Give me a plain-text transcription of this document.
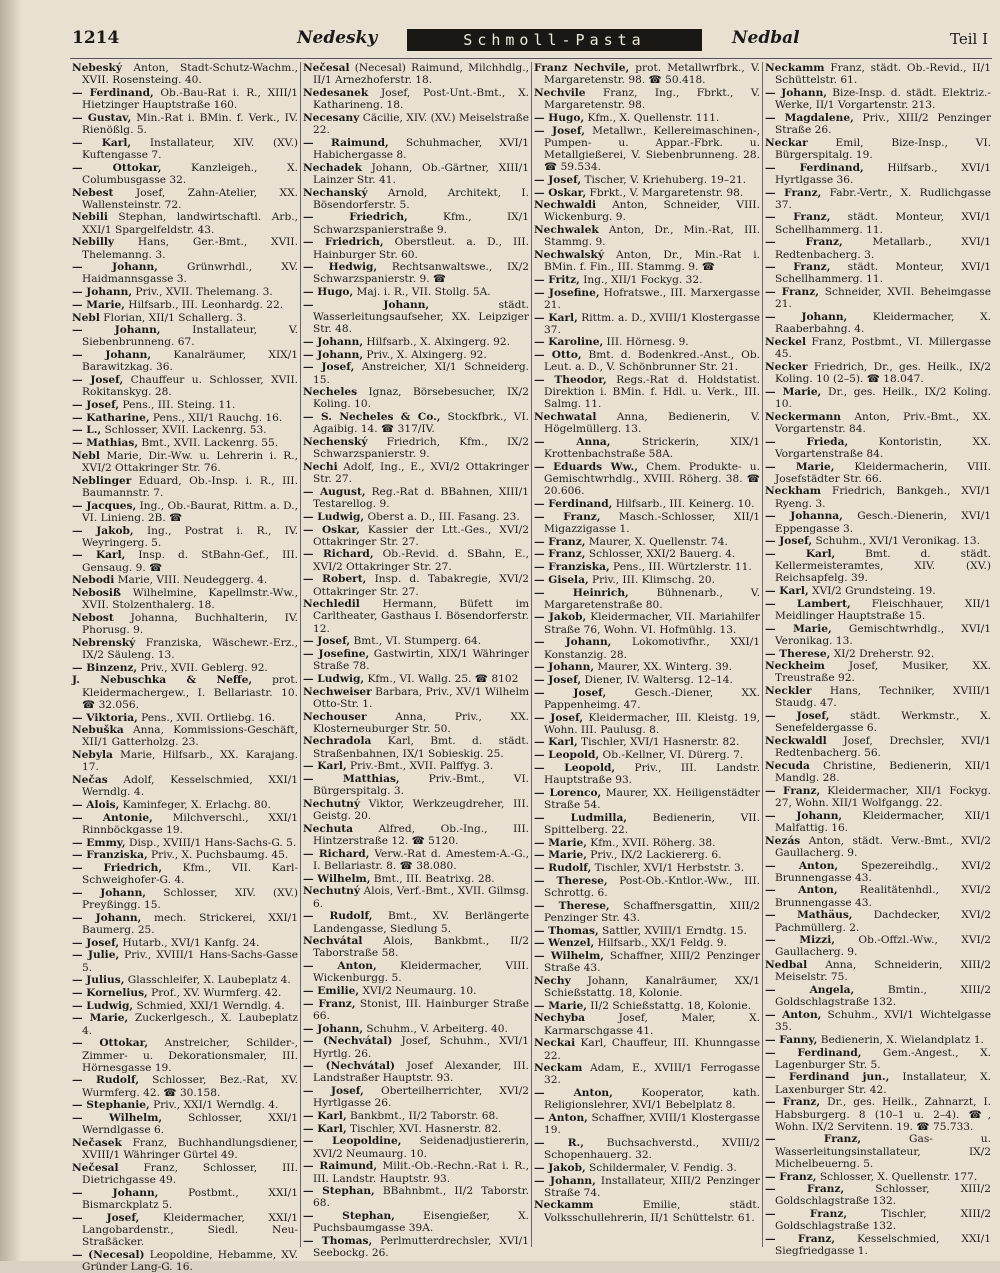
1214	Nedesky	Schmoll-Pasta	Nedbal	Teil I
Nebeský Anton, Stadt-Schutz-Wachm., XVII. Rosensteing. 40.
— Ferdinand, Ob.-Bau-Rat i. R., XIII/1 Hietzinger Hauptstraße 160.
— Gustav, Min.-Rat i. BMin. f. Verk., IV. Rienößlg. 5.
— Karl, Installateur, XIV. (XV.) Kuftengasse 7.
— Ottokar, Kanzleigeh., X. Columbusgasse 32.
Nebest Josef, Zahn-Atelier, XX. Wallensteinstr. 72.
Nebili Stephan, landwirtschaftl. Arb., XXI/1 Spargelfeldstr. 43.
Nebilly Hans, Ger.-Bmt., XVII. Thelemanng. 3.
— Johann, Grünwrhdl., XV. Haidmannsgasse 3.
— Johann, Priv., XVII. Thelemang. 3.
— Marie, Hilfsarb., III. Leonhardg. 22.
Nebl Florian, XII/1 Schallerg. 3.
— Johann, Installateur, V. Siebenbrunneng. 67.
— Johann, Kanalräumer, XIX/1 Barawitzkag. 36.
— Josef, Chauffeur u. Schlosser, XVII. Rokitanskyg. 28.
— Josef, Pens., III. Steing. 11.
— Katharine, Pens., XII/1 Rauchg. 16.
— L., Schlosser, XVII. Lackenrg. 53.
— Mathias, Bmt., XVII. Lackenrg. 55.
Nebl Marie, Dir.-Ww. u. Lehrerin i. R., XVI/2 Ottakringer Str. 76.
Neblinger Eduard, Ob.-Insp. i. R., III. Baumannstr. 7.
— Jacques, Ing., Ob.-Baurat, Rittm. a. D., VI. Linieng. 2B. ☎
— Jakob, Ing., Postrat i. R., IV. Weyringerg. 5.
— Karl, Insp. d. StBahn-Gef., III. Gensaug. 9. ☎
Nebodi Marie, VIII. Neudeggerg. 4.
Nebosiß Wilhelmine, Kapellmstr.-Ww., XVII. Stolzenthalerg. 18.
Nebost Johanna, Buchhalterin, IV. Phorusg. 9.
Nebrenský Franziska, Wäschewr.-Erz., IX/2 Säuleng. 13.
— Binzenz, Priv., XVII. Geblerg. 92.
J. Nebuschka & Neffe, prot. Kleidermachergew., I. Bellariastr. 10. ☎ 32.056.
— Viktoria, Pens., XVII. Ortliebg. 16.
Nebuška Anna, Kommissions-Geschäft, XII/1 Gatterholzg. 23.
Nebyla Marie, Hilfsarb., XX. Karajang. 17.
Nečas Adolf, Kesselschmied, XXI/1 Werndlg. 4.
— Alois, Kaminfeger, X. Erlachg. 80.
— Antonie, Milchverschl., XXI/1 Rinnböckgasse 19.
— Emmy, Disp., XVIII/1 Hans-Sachs-G. 5.
— Franziska, Priv., X. Puchsbaumg. 45.
— Friedrich, Kfm., VII. Karl-Schweighofer-G. 4.
— Johann, Schlosser, XIV. (XV.) Preyßingg. 15.
— Johann, mech. Strickerei, XXI/1 Baumerg. 25.
— Josef, Hutarb., XVI/1 Kanfg. 24.
— Julie, Priv., XVIII/1 Hans-Sachs-Gasse 5.
— Julius, Glasschleifer, X. Laubeplatz 4.
— Kornelius, Prof., XV. Wurmferg. 42.
— Ludwig, Schmied, XXI/1 Werndlg. 4.
— Marie, Zuckerlgesch., X. Laubeplatz 4.
— Ottokar, Anstreicher, Schilder-, Zimmer- u. Dekorationsmaler, III. Hörnesgasse 19.
— Rudolf, Schlosser, Bez.-Rat, XV. Wurmferg. 42. ☎ 30.158.
— Stephanie, Priv., XXI/1 Werndlg. 4.
— Wilhelm, Schlosser, XXI/1 Werndlgasse 6.
Nečasek Franz, Buchhandlungsdiener, XVIII/1 Währinger Gürtel 49.
Nečesal Franz, Schlosser, III. Dietrichgasse 49.
— Johann, Postbmt., XXI/1 Bismarckplatz 5.
— Josef, Kleidermacher, XXI/1 Langobardenstr., Siedl. Neu-Straßäcker.
— (Necesal) Leopoldine, Hebamme, XV. Gründer Lang-G. 16.
Nečesal (Necesal) Raimund, Milchhdlg., II/1 Arnezhoferstr. 18.
Nedesanek Josef, Post-Unt.-Bmt., X. Katharineng. 18.
Necesany Cäcilie, XIV. (XV.) Meiselstraße 22.
— Raimund, Schuhmacher, XVI/1 Habichergasse 8.
Nechadek Johann, Ob.-Gärtner, XIII/1 Lainzer Str. 41.
Nechanský Arnold, Architekt, I. Bösendorferstr. 5.
— Friedrich, Kfm., IX/1 Schwarzspanierstraße 9.
— Friedrich, Oberstleut. a. D., III. Hainburger Str. 60.
— Hedwig, Rechtsanwaltswe., IX/2 Schwarzspanierstr. 9. ☎
— Hugo, Maj. i. R., VII. Stollg. 5A.
— Johann, städt. Wasserleitungsaufseher, XX. Leipziger Str. 48.
— Johann, Hilfsarb., X. Alxingerg. 92.
— Johann, Priv., X. Alxingerg. 92.
— Josef, Anstreicher, XI/1 Schneiderg. 15.
Necheles Ignaz, Börsebesucher, IX/2 Koling. 10.
— S. Necheles & Co., Stockfbrk., VI. Agaibig. 14. ☎ 317/IV.
Nechenský Friedrich, Kfm., IX/2 Schwarzspanierstr. 9.
Nechi Adolf, Ing., E., XVI/2 Ottakringer Str. 27.
— August, Reg.-Rat d. BBahnen, XIII/1 Testarellog. 9.
— Ludwig, Oberst a. D., III. Fasang. 23.
— Oskar, Kassier der Ltt.-Ges., XVI/2 Ottakringer Str. 27.
— Richard, Ob.-Revid. d. SBahn, E., XVI/2 Ottakringer Str. 27.
— Robert, Insp. d. Tabakregie, XVI/2 Ottakringer Str. 27.
Nechledil Hermann, Büfett im Carltheater, Gasthaus I. Bösendorferstr. 12.
— Josef, Bmt., VI. Stumperg. 64.
— Josefine, Gastwirtin, XIX/1 Währinger Straße 78.
— Ludwig, Kfm., VI. Wallg. 25. ☎ 8102
Nechweiser Barbara, Priv., XV/1 Wilhelm Otto-Str. 1.
Nechouser Anna, Priv., XX. Klosterneuburger Str. 50.
Nechradola Karl, Bmt. d. städt. Straßenbahnen, IX/1 Sobieskig. 25.
— Karl, Priv.-Bmt., XVII. Palffyg. 3.
— Matthias, Priv.-Bmt., VI. Bürgerspitalg. 3.
Nechutný Viktor, Werkzeugdreher, III. Geistg. 20.
Nechuta Alfred, Ob.-Ing., III. Hintzerstraße 12. ☎ 5120.
— Richard, Verw.-Rat d. Amestem-A.-G., I. Bellariastr. 8. ☎ 38.080.
— Wilhelm, Bmt., III. Beatrixg. 28.
Nechutný Alois, Verf.-Bmt., XVII. Gilmsg. 6.
— Rudolf, Bmt., XV. Berlängerte Landengasse, Siedlung 5.
Nechvátal Alois, Bankbmt., II/2 Taborstraße 58.
— Anton, Kleidermacher, VIII. Wickenburgg. 5.
— Emilie, XVI/2 Neumaurg. 10.
— Franz, Stonist, III. Hainburger Straße 66.
— Johann, Schuhm., V. Arbeiterg. 40.
— (Nechvátal) Josef, Schuhm., XVI/1 Hyrtlg. 26.
— (Nechvátal) Josef Alexander, III. Landstraßer Hauptstr. 93.
— Josef, Oberteilherrichter, XVI/2 Hyrtlgasse 26.
— Karl, Bankbmt., II/2 Taborstr. 68.
— Karl, Tischler, XVI. Hasnerstr. 82.
— Leopoldine, Seidenadjustiererin, XVI/2 Neumaurg. 10.
— Raimund, Milit.-Ob.-Rechn.-Rat i. R., III. Landstr. Hauptstr. 93.
— Stephan, BBahnbmt., II/2 Taborstr. 68.
— Stephan, Eisengießer, X. Puchsbaumgasse 39A.
— Thomas, Perlmutterdrechsler, XVI/1 Seebockg. 26.
Franz Nechvile, prot. Metallwrfbrk., V. Margaretenstr. 98. ☎ 50.418.
Nechvile Franz, Ing., Fbrkt., V. Margaretenstr. 98.
— Hugo, Kfm., X. Quellenstr. 111.
— Josef, Metallwr., Kellereimaschinen-, Pumpen- u. Appar.-Fbrk. u. Metallgießerei, V. Siebenbrunneng. 28. ☎ 59.534.
— Josef, Tischer, V. Kriehuberg. 19–21.
— Oskar, Fbrkt., V. Margaretenstr. 98.
Nechwaldi Anton, Schneider, VIII. Wickenburg. 9.
Nechwalek Anton, Dr., Min.-Rat, III. Stammg. 9.
Nechwalský Anton, Dr., Min.-Rat i. BMin. f. Fin., III. Stammg. 9. ☎
— Fritz, Ing., XII/1 Fockyg. 32.
— Josefine, Hofratswe., III. Marxergasse 21.
— Karl, Rittm. a. D., XVIII/1 Klostergasse 37.
— Karoline, III. Hörnesg. 9.
— Otto, Bmt. d. Bodenkred.-Anst., Ob. Leut. a. D., V. Schönbrunner Str. 21.
— Theodor, Regs.-Rat d. Holdstatist. Direktion i. BMin. f. Hdl. u. Verk., III. Salmg. 11.
Nechwatal Anna, Bedienerin, V. Högelmüllerg. 13.
— Anna, Strickerin, XIX/1 Krottenbachstraße 58A.
— Eduards Ww., Chem. Produkte- u. Gemischtwrhdlg., XVIII. Röherg. 38. ☎ 20.606.
— Ferdinand, Hilfsarb., III. Keinerg. 10.
— Franz, Masch.-Schlosser, XII/1 Migazzigasse 1.
— Franz, Maurer, X. Quellenstr. 74.
— Franz, Schlosser, XXI/2 Bauerg. 4.
— Franziska, Pens., III. Würtzlerstr. 11.
— Gisela, Priv., III. Klimschg. 20.
— Heinrich, Bühnenarb., V. Margaretenstraße 80.
— Jakob, Kleidermacher, VII. Mariahilfer Straße 76, Wohn. VI. Hofmühlg. 13.
— Johann, Lokomotivfhr., XXI/1 Konstanzig. 28.
— Johann, Maurer, XX. Winterg. 39.
— Josef, Diener, IV. Waltersg. 12–14.
— Josef, Gesch.-Diener, XX. Pappenheimg. 47.
— Josef, Kleidermacher, III. Kleistg. 19, Wohn. III. Paulusg. 8.
— Karl, Tischler, XVI/1 Hasnerstr. 82.
— Leopold, Ob.-Kellner, VI. Dürerg. 7.
— Leopold, Priv., III. Landstr. Hauptstraße 93.
— Lorenco, Maurer, XX. Heiligenstädter Straße 54.
— Ludmilla, Bedienerin, VII. Spittelberg. 22.
— Marie, Kfm., XVII. Röherg. 38.
— Marie, Priv., IX/2 Lackiererg. 6.
— Rudolf, Tischler, XVI/1 Herbststr. 3.
— Therese, Post-Ob.-Kntlor.-Ww., III. Schrottg. 6.
— Therese, Schaffnersgattin, XIII/2 Penzinger Str. 43.
— Thomas, Sattler, XVIII/1 Erndtg. 15.
— Wenzel, Hilfsarb., XX/1 Feldg. 9.
— Wilhelm, Schaffner, XIII/2 Penzinger Straße 43.
Nechy Johann, Kanalräumer, XX/1 Schießstattg. 18, Kolonie.
— Marie, II/2 Schießstattg. 18, Kolonie.
Nechyba Josef, Maler, X. Karmarschgasse 41.
Neckai Karl, Chauffeur, III. Khunngasse 22.
Neckam Adam, E., XVIII/1 Ferrogasse 32.
— Anton, Kooperator, kath. Religionslehrer, XVI/1 Bebelplatz 8.
— Anton, Schaffner, XVIII/1 Klostergasse 19.
— R., Buchsachverstd., XVIII/2 Schopenhauerg. 32.
— Jakob, Schildermaler, V. Fendig. 3.
— Johann, Installateur, XIII/2 Penzinger Straße 74.
Neckamm Emilie, städt. Volksschullehrerin, II/1 Schüttelstr. 61.
Neckamm Franz, städt. Ob.-Revid., II/1 Schüttelstr. 61.
— Johann, Bize-Insp. d. städt. Elektriz.-Werke, II/1 Vorgartenstr. 213.
— Magdalene, Priv., XIII/2 Penzinger Straße 26.
Neckar Emil, Bize-Insp., VI. Bürgerspitalg. 19.
— Ferdinand, Hilfsarb., XVI/1 Hyrtlgasse 36.
— Franz, Fabr.-Vertr., X. Rudlichgasse 37.
— Franz, städt. Monteur, XVI/1 Schellhammerg. 11.
— Franz, Metallarb., XVI/1 Redtenbacherg. 3.
— Franz, städt. Monteur, XVI/1 Schellhammerg. 11.
— Franz, Schneider, XVII. Beheimgasse 21.
— Johann, Kleidermacher, X. Raaberbahng. 4.
Neckel Franz, Postbmt., VI. Millergasse 45.
Necker Friedrich, Dr., ges. Heilk., IX/2 Koling. 10 (2–5). ☎ 18.047.
— Marie, Dr., ges. Heilk., IX/2 Koling. 10.
Neckermann Anton, Priv.-Bmt., XX. Vorgartenstr. 84.
— Frieda, Kontoristin, XX. Vorgartenstraße 84.
— Marie, Kleidermacherin, VIII. Josefstädter Str. 66.
Neckham Friedrich, Bankgeh., XVI/1 Ryeng. 3.
— Johanna, Gesch.-Dienerin, XVI/1 Eppengasse 3.
— Josef, Schuhm., XVI/1 Veronikag. 13.
— Karl, Bmt. d. städt. Kellermeisteramtes, XIV. (XV.) Reichsapfelg. 39.
— Karl, XVI/2 Grundsteing. 19.
— Lambert, Fleischhauer, XII/1 Meidlinger Hauptstraße 15.
— Marie, Gemischtwrhdlg., XVI/1 Veronikag. 13.
— Therese, XI/2 Dreherstr. 92.
Neckheim Josef, Musiker, XX. Treustraße 92.
Neckler Hans, Techniker, XVIII/1 Staudg. 47.
— Josef, städt. Werkmstr., X. Senefeldergasse 6.
Neckwaldl Josef, Drechsler, XVI/1 Redtenbacherg. 56.
Necuda Christine, Bedienerin, XII/1 Mandlg. 28.
— Franz, Kleidermacher, XII/1 Fockyg. 27, Wohn. XII/1 Wolfgangg. 22.
— Johann, Kleidermacher, XII/1 Malfattig. 16.
Nezás Anton, städt. Verw.-Bmt., XVI/2 Gaullacherg. 9.
— Anton, Spezereihdlg., XVI/2 Brunnengasse 43.
— Anton, Realitätenhdl., XVI/2 Brunnengasse 43.
— Mathäus, Dachdecker, XVI/2 Pachmüllerg. 2.
— Mizzi, Ob.-Offzl.-Ww., XVI/2 Gaullacherg. 9.
Nedbal Anna, Schneiderin, XIII/2 Meiselstr. 75.
— Angela, Bmtin., XIII/2 Goldschlagstraße 132.
— Anton, Schuhm., XVI/1 Wichtelgasse 35.
— Fanny, Bedienerin, X. Wielandplatz 1.
— Ferdinand, Gem.-Angest., X. Lagenburger Str. 5.
— Ferdinand jun., Installateur, X. Laxenburger Str. 42.
— Franz, Dr., ges. Heilk., Zahnarzt, I. Habsburgerg. 8 (10–1 u. 2–4). ☎, Wohn. IX/2 Servitenn. 19. ☎ 75.733.
— Franz, Gas- u. Wasserleitungsinstallateur, IX/2 Michelbeuerng. 5.
— Franz, Schlosser, X. Quellenstr. 177.
— Franz, Schlosser, XIII/2 Goldschlagstraße 132.
— Franz, Tischler, XIII/2 Goldschlagstraße 132.
— Franz, Kesselschmied, XXI/1 Siegfriedgasse 1.
